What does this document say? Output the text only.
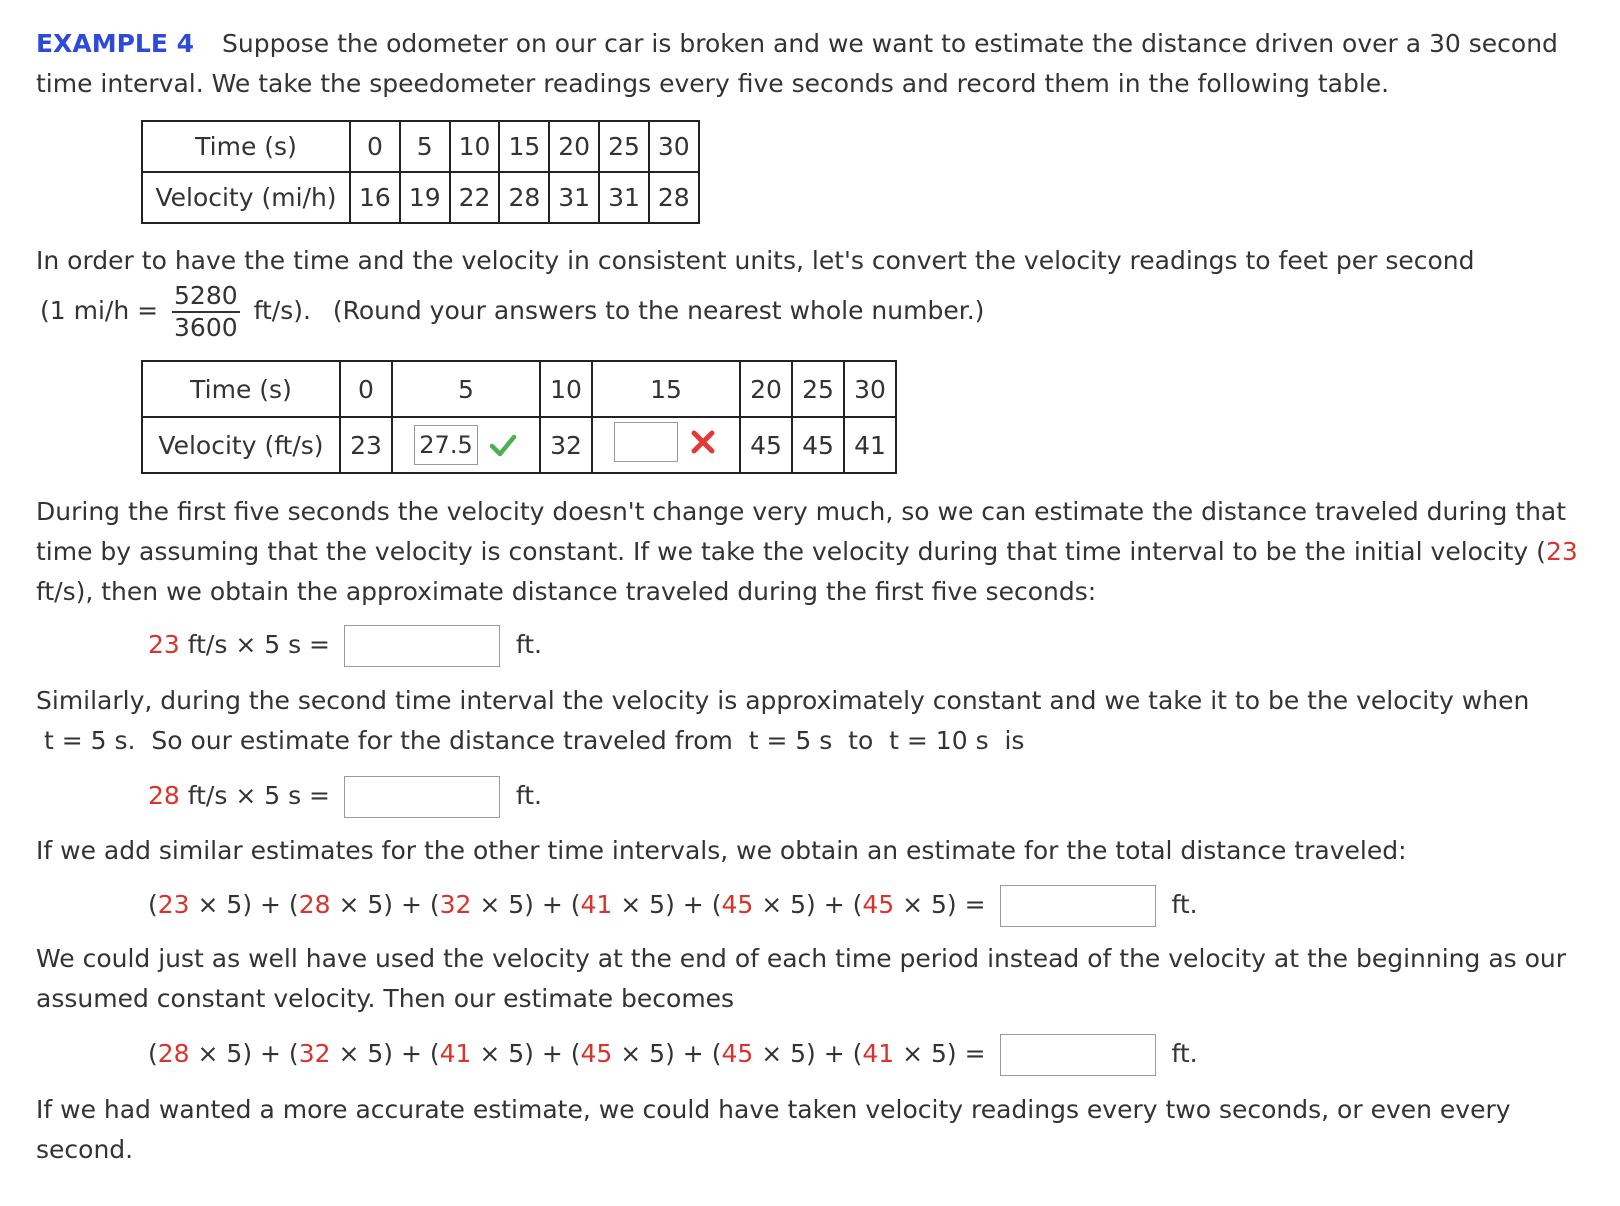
EXAMPLE 4 Suppose the odometer on our car is broken and we want to estimate the distance driven over a 30 second time interval. We take the speedometer readings every five seconds and record them in the following table.
Time (s)	0	5	10	15	20	25	30
Velocity (mi/h)	16	19	22	28	31	31	28
In order to have the time and the velocity in consistent units, let's convert the velocity readings to feet per second
(1 $mi/h = \frac{5280}{3600} ft/s$). (Round your answers to the nearest whole number.)
Time (s)	0	5	10	15	20	25	30
Velocity (ft/s)	23	27.5	32		45	45	41
During the first five seconds the velocity doesn't change very much, so we can estimate the distance traveled during that time by assuming that the velocity is constant. If we take the velocity during that time interval to be the initial velocity (23 ft/s), then we obtain the approximate distance traveled during the first five seconds:
23 ft/s × 5 s =	ft.
Similarly, during the second time interval the velocity is approximately constant and we take it to be the velocity when
t = 5 s.  So our estimate for the distance traveled from  t = 5 s  to  t = 10 s  is
28 ft/s × 5 s =	ft.
If we add similar estimates for the other time intervals, we obtain an estimate for the total distance traveled:
(23 × 5) + (28 × 5) + (32 × 5) + (41 × 5) + (45 × 5) + (45 × 5) =	ft.
We could just as well have used the velocity at the end of each time period instead of the velocity at the beginning as our assumed constant velocity. Then our estimate becomes
(28 × 5) + (32 × 5) + (41 × 5) + (45 × 5) + (45 × 5) + (41 × 5) =	ft.
If we had wanted a more accurate estimate, we could have taken velocity readings every two seconds, or even every second.
